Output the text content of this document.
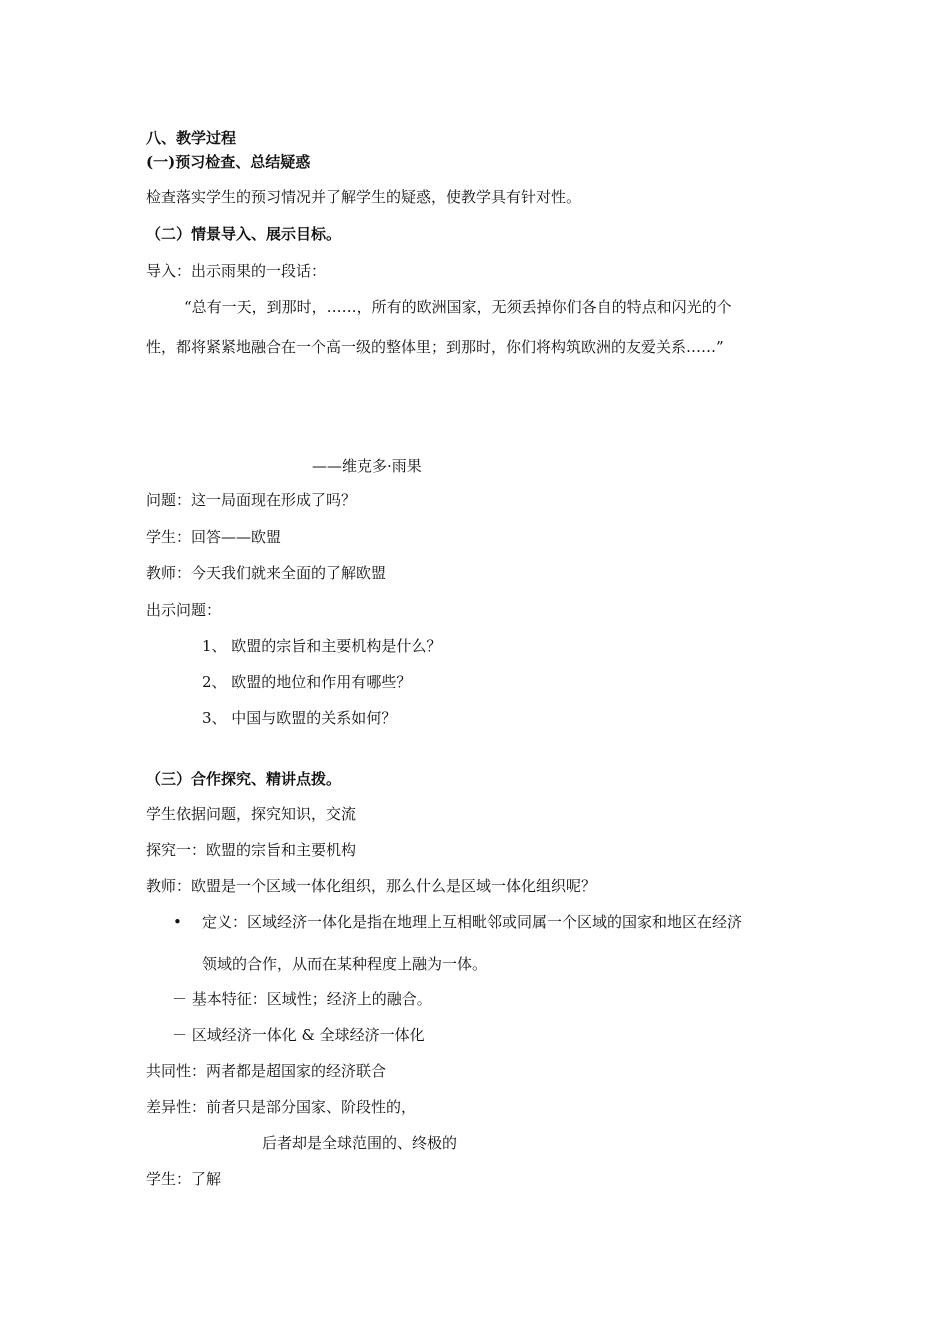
八、教学过程
(一)预习检查、总结疑惑
检查落实学生的预习情况并了解学生的疑惑，使教学具有针对性。
（二）情景导入、展示目标。
导入：出示雨果的一段话：
“总有一天，到那时，……，所有的欧洲国家，无须丢掉你们各自的特点和闪光的个
性，都将紧紧地融合在一个高一级的整体里；到那时，你们将构筑欧洲的友爱关系……”
——维克多·雨果
问题：这一局面现在形成了吗？
学生：回答——欧盟
教师：今天我们就来全面的了解欧盟
出示问题：
1、 欧盟的宗旨和主要机构是什么？
2、 欧盟的地位和作用有哪些？
3、 中国与欧盟的关系如何？
（三）合作探究、精讲点拨。
学生依据问题，探究知识，交流
探究一：欧盟的宗旨和主要机构
教师：欧盟是一个区域一体化组织，那么什么是区域一体化组织呢？
• 定义：区域经济一体化是指在地理上互相毗邻或同属一个区域的国家和地区在经济
领域的合作，从而在某种程度上融为一体。
－ 基本特征：区域性；经济上的融合。
－ 区域经济一体化 & 全球经济一体化
共同性：两者都是超国家的经济联合
差异性：前者只是部分国家、阶段性的，
后者却是全球范围的、终极的
学生：了解
